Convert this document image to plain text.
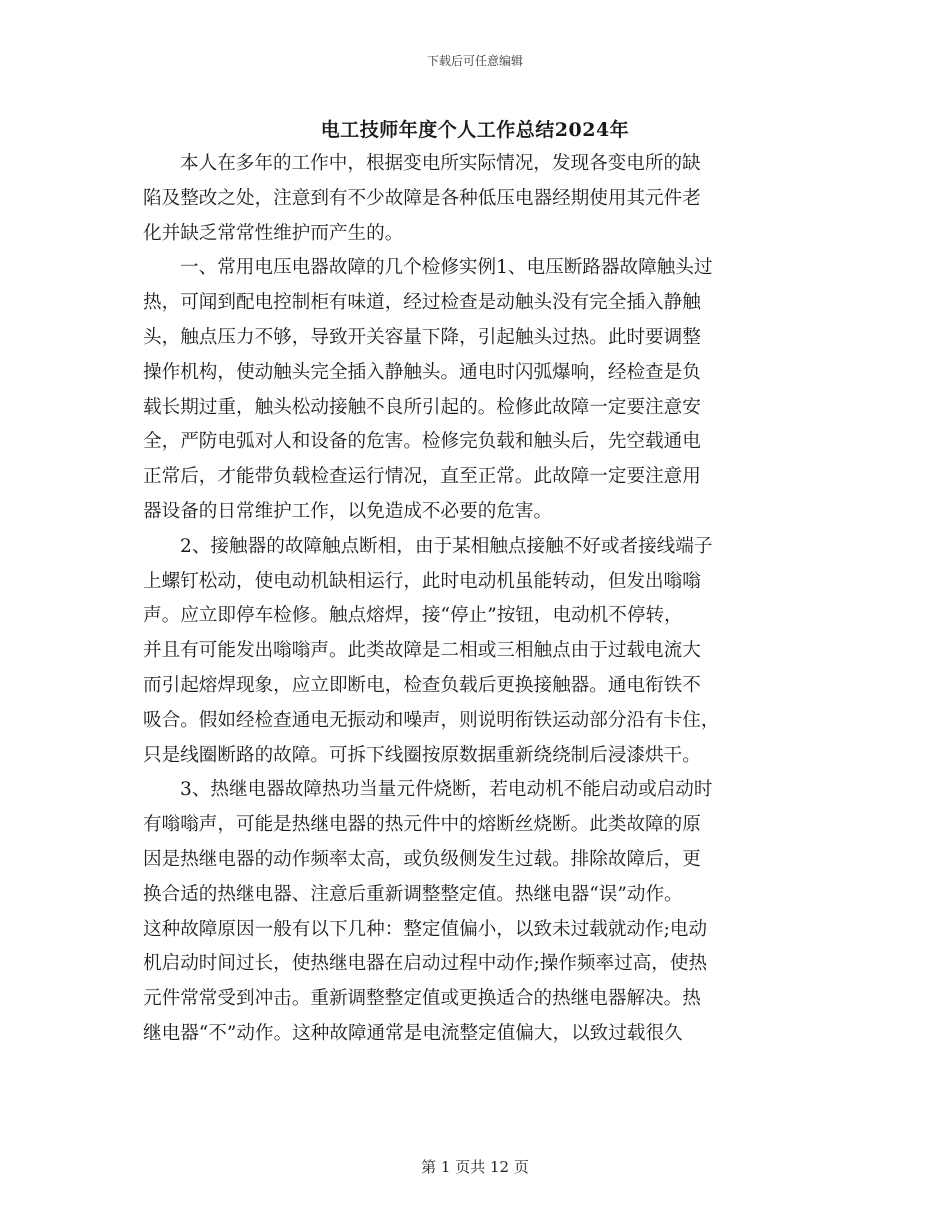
下载后可任意编辑
电工技师年度个人工作总结2024年
本人在多年的工作中，根据变电所实际情况，发现各变电所的缺
陷及整改之处，注意到有不少故障是各种低压电器经期使用其元件老
化并缺乏常常性维护而产生的。
一、常用电压电器故障的几个检修实例1、电压断路器故障触头过
热，可闻到配电控制柜有味道，经过检查是动触头没有完全插入静触
头，触点压力不够，导致开关容量下降，引起触头过热。此时要调整
操作机构，使动触头完全插入静触头。通电时闪弧爆响，经检查是负
载长期过重，触头松动接触不良所引起的。检修此故障一定要注意安
全，严防电弧对人和设备的危害。检修完负载和触头后，先空载通电
正常后，才能带负载检查运行情况，直至正常。此故障一定要注意用
器设备的日常维护工作，以免造成不必要的危害。
2、接触器的故障触点断相，由于某相触点接触不好或者接线端子
上螺钉松动，使电动机缺相运行，此时电动机虽能转动，但发出嗡嗡
声。应立即停车检修。触点熔焊，接“停止”按钮，电动机不停转，
并且有可能发出嗡嗡声。此类故障是二相或三相触点由于过载电流大
而引起熔焊现象，应立即断电，检查负载后更换接触器。通电衔铁不
吸合。假如经检查通电无振动和噪声，则说明衔铁运动部分沿有卡住，
只是线圈断路的故障。可拆下线圈按原数据重新绕绕制后浸漆烘干。
3、热继电器故障热功当量元件烧断，若电动机不能启动或启动时
有嗡嗡声，可能是热继电器的热元件中的熔断丝烧断。此类故障的原
因是热继电器的动作频率太高，或负级侧发生过载。排除故障后，更
换合适的热继电器、注意后重新调整整定值。热继电器“误”动作。
这种故障原因一般有以下几种：整定值偏小，以致未过载就动作;电动
机启动时间过长，使热继电器在启动过程中动作;操作频率过高，使热
元件常常受到冲击。重新调整整定值或更换适合的热继电器解决。热
继电器“不”动作。这种故障通常是电流整定值偏大，以致过载很久
第 1 页共 12 页
